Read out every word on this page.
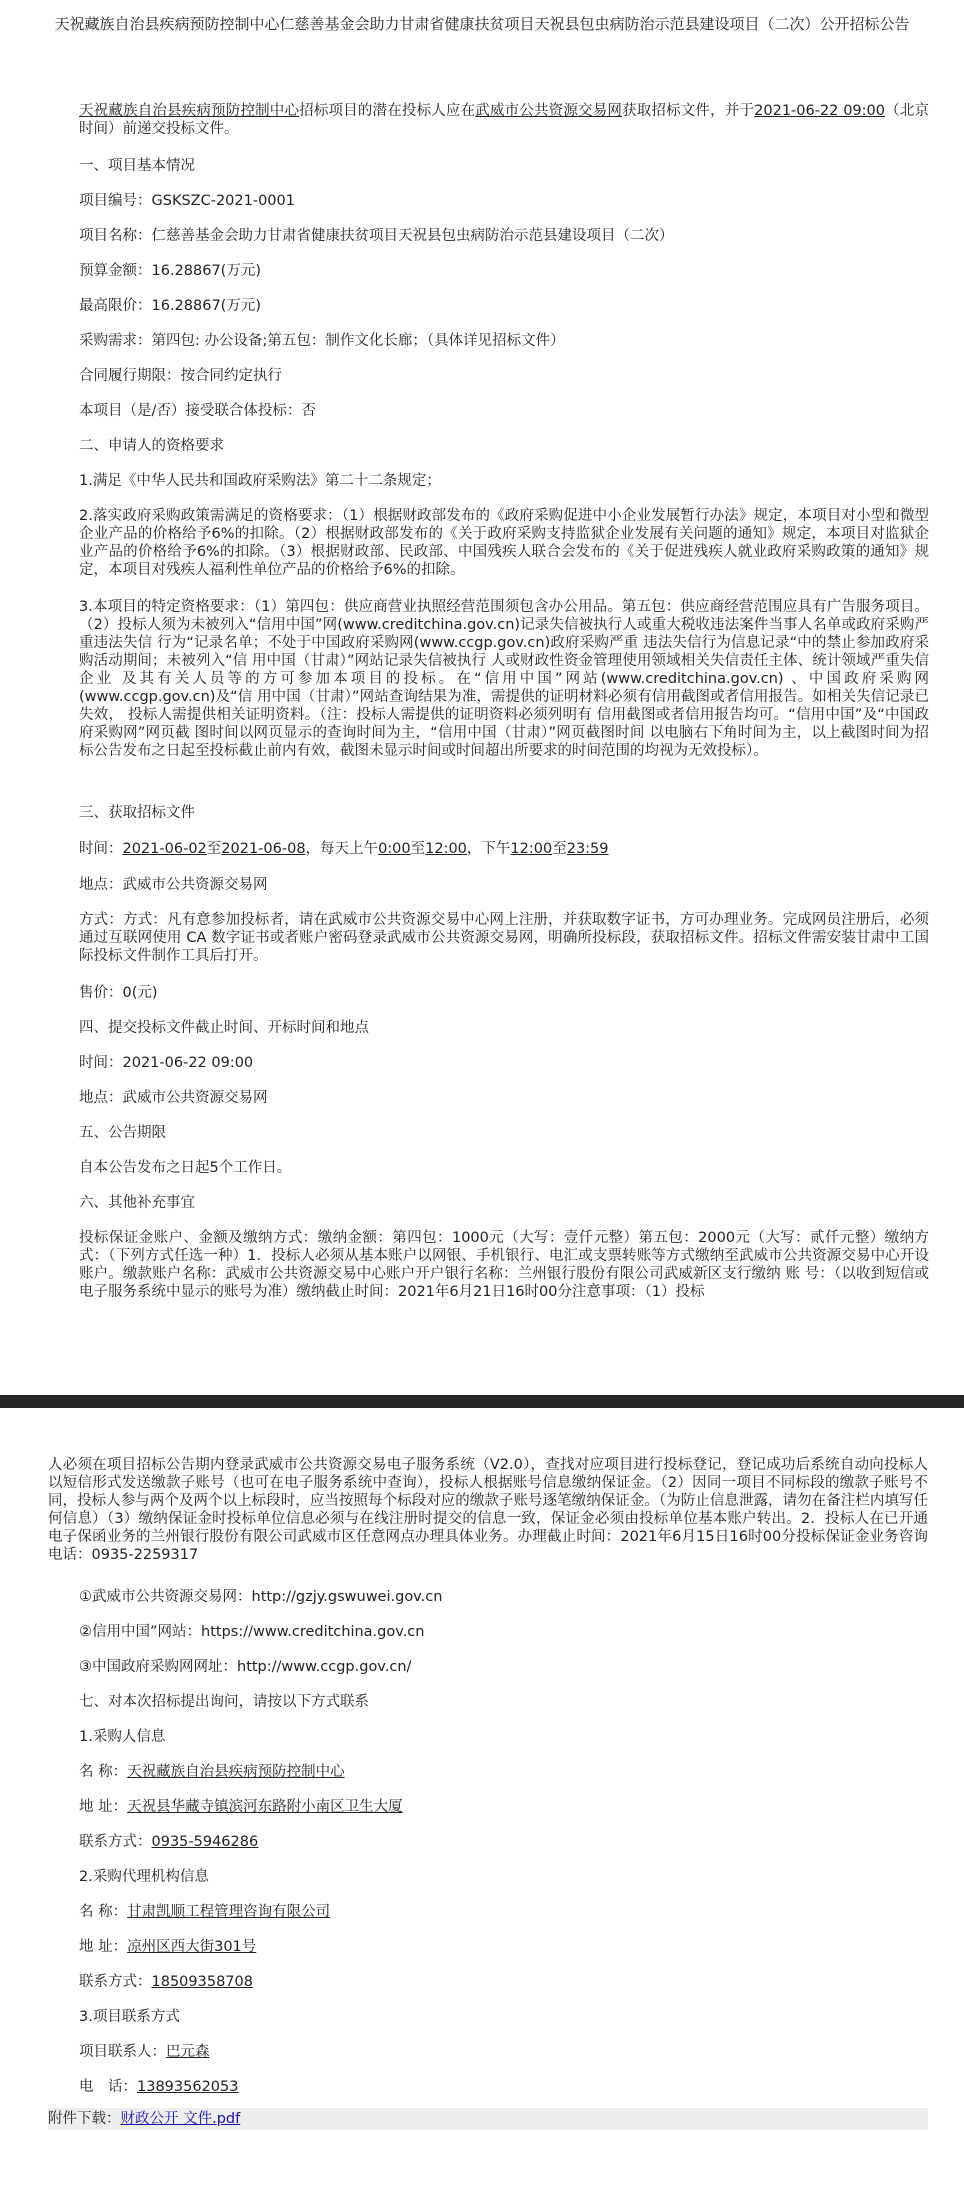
天祝藏族自治县疾病预防控制中心仁慈善基金会助力甘肃省健康扶贫项目天祝县包虫病防治示范县建设项目（二次）公开招标公告

天祝藏族自治县疾病预防控制中心招标项目的潜在投标人应在武威市公共资源交易网获取招标文件，并于2021-06-22 09:00（北京时间）前递交投标文件。

一、项目基本情况
项目编号：GSKSZC-2021-0001
项目名称：仁慈善基金会助力甘肃省健康扶贫项目天祝县包虫病防治示范县建设项目（二次）
预算金额：16.28867(万元)
最高限价：16.28867(万元)
采购需求：第四包: 办公设备;第五包：制作文化长廊；（具体详见招标文件）
合同履行期限：按合同约定执行
本项目（是/否）接受联合体投标：否
二、申请人的资格要求
1.满足《中华人民共和国政府采购法》第二十二条规定；

2.落实政府采购政策需满足的资格要求：（1）根据财政部发布的《政府采购促进中小企业发展暂行办法》规定，本项目对小型和微型企业产品的价格给予6%的扣除。（2）根据财政部发布的《关于政府采购支持监狱企业发展有关问题的通知》规定，本项目对监狱企业产品的价格给予6%的扣除。（3）根据财政部、民政部、中国残疾人联合会发布的《关于促进残疾人就业政府采购政策的通知》规定，本项目对残疾人福利性单位产品的价格给予6%的扣除。

3.本项目的特定资格要求：（1）第四包：供应商营业执照经营范围须包含办公用品。第五包：供应商经营范围应具有广告服务项目。（2）投标人须为未被列入“信用中国”网(www.creditchina.gov.cn)记录失信被执行人或重大税收违法案件当事人名单或政府采购严重违法失信 行为“记录名单；不处于中国政府采购网(www.ccgp.gov.cn)政府采购严重 违法失信行为信息记录“中的禁止参加政府采购活动期间；未被列入“信 用中国（甘肃）”网站记录失信被执行 人或财政性资金管理使用领域相关失信责任主体、统计领域严重失信企业 及其有关人员等的方可参加本项目的投标。在“信用中国”网站(www.creditchina.gov.cn) 、中国政府采购网(www.ccgp.gov.cn)及“信 用中国（甘肃）”网站查询结果为准，需提供的证明材料必须有信用截图或者信用报告。如相关失信记录已失效， 投标人需提供相关证明资料。（注：投标人需提供的证明资料必须列明有 信用截图或者信用报告均可。“信用中国”及“中国政府采购网”网页截 图时间以网页显示的查询时间为主，“信用中国（甘肃）”网页截图时间 以电脑右下角时间为主，以上截图时间为招标公告发布之日起至投标截止前内有效，截图未显示时间或时间超出所要求的时间范围的均视为无效投标）。

三、获取招标文件
时间：2021-06-02至2021-06-08，每天上午0:00至12:00，下午12:00至23:59
地点：武威市公共资源交易网

方式：方式：凡有意参加投标者，请在武威市公共资源交易中心网上注册，并获取数字证书，方可办理业务。完成网员注册后，必须通过互联网使用 CA 数字证书或者账户密码登录武威市公共资源交易网，明确所投标段，获取招标文件。招标文件需安装甘肃中工国际投标文件制作工具后打开。

售价：0(元)
四、提交投标文件截止时间、开标时间和地点
时间：2021-06-22 09:00
地点：武威市公共资源交易网
五、公告期限
自本公告发布之日起5个工作日。
六、其他补充事宜

投标保证金账户、金额及缴纳方式：缴纳金额：第四包：1000元（大写：壹仟元整）第五包：2000元（大写：贰仟元整）缴纳方式：（下列方式任选一种）1．投标人必须从基本账户以网银、手机银行、电汇或支票转账等方式缴纳至武威市公共资源交易中心开设账户。缴款账户名称：武威市公共资源交易中心账户开户银行名称：兰州银行股份有限公司武威新区支行缴纳 账 号：（以收到短信或电子服务系统中显示的账号为准）缴纳截止时间：2021年6月21日16时00分注意事项：（1）投标

人必须在项目招标公告期内登录武威市公共资源交易电子服务系统（V2.0），查找对应项目进行投标登记，登记成功后系统自动向投标人以短信形式发送缴款子账号（也可在电子服务系统中查询），投标人根据账号信息缴纳保证金。（2）因同一项目不同标段的缴款子账号不同，投标人参与两个及两个以上标段时，应当按照每个标段对应的缴款子账号逐笔缴纳保证金。（为防止信息泄露，请勿在备注栏内填写任何信息）（3）缴纳保证金时投标单位信息必须与在线注册时提交的信息一致，保证金必须由投标单位基本账户转出。2．投标人在已开通电子保函业务的兰州银行股份有限公司武威市区任意网点办理具体业务。办理截止时间：2021年6月15日16时00分投标保证金业务咨询电话：0935-2259317

①武威市公共资源交易网：http://gzjy.gswuwei.gov.cn
②信用中国”网站：https://www.creditchina.gov.cn
③中国政府采购网网址：http://www.ccgp.gov.cn/
七、对本次招标提出询问，请按以下方式联系
1.采购人信息
名 称：天祝藏族自治县疾病预防控制中心
地 址：天祝县华藏寺镇滨河东路附小南区卫生大厦
联系方式：0935-5946286
2.采购代理机构信息
名 称：甘肃凯顺工程管理咨询有限公司
地 址：凉州区西大街301号
联系方式：18509358708
3.项目联系方式
项目联系人：巴元森
电　话：13893562053
附件下载：财政公开 文件.pdf
